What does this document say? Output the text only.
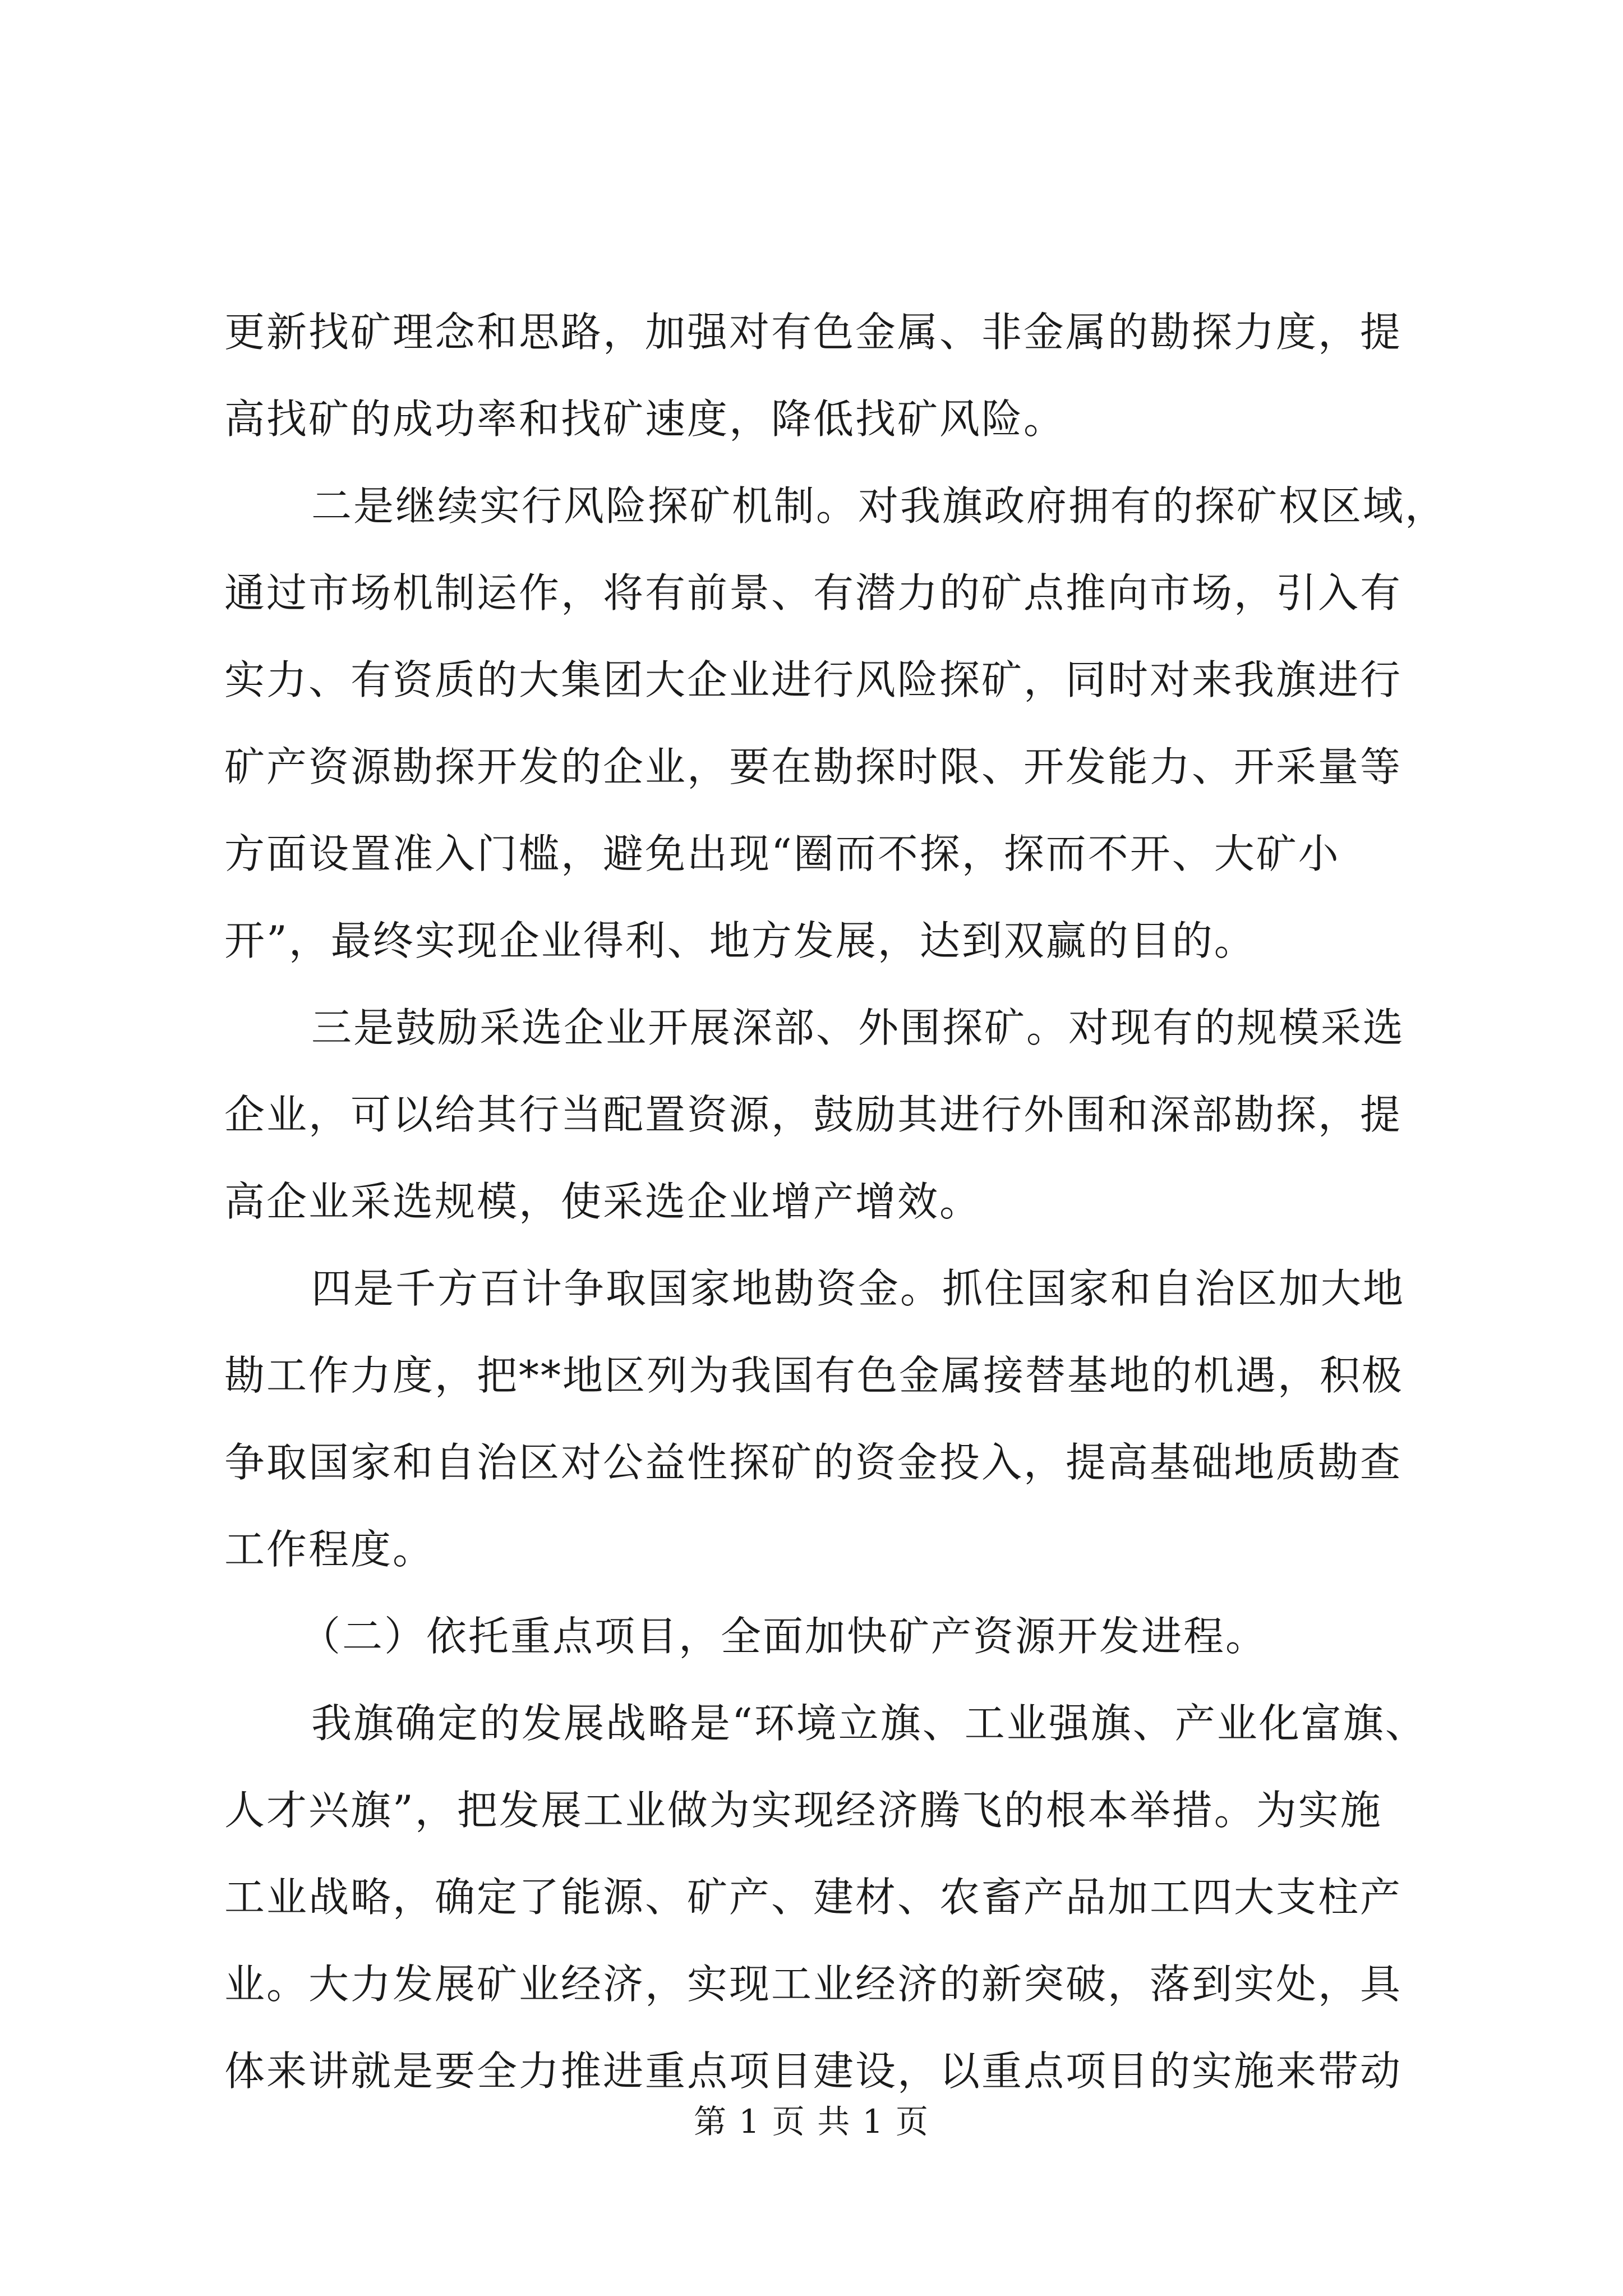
更新找矿理念和思路，加强对有色金属、非金属的勘探力度，提
高找矿的成功率和找矿速度，降低找矿风险。
二是继续实行风险探矿机制。对我旗政府拥有的探矿权区域，
通过市场机制运作，将有前景、有潜力的矿点推向市场，引入有
实力、有资质的大集团大企业进行风险探矿，同时对来我旗进行
矿产资源勘探开发的企业，要在勘探时限、开发能力、开采量等
方面设置准入门槛，避免出现“圈而不探，探而不开、大矿小
开”，最终实现企业得利、地方发展，达到双赢的目的。
三是鼓励采选企业开展深部、外围探矿。对现有的规模采选
企业，可以给其行当配置资源，鼓励其进行外围和深部勘探，提
高企业采选规模，使采选企业增产增效。
四是千方百计争取国家地勘资金。抓住国家和自治区加大地
勘工作力度，把**地区列为我国有色金属接替基地的机遇，积极
争取国家和自治区对公益性探矿的资金投入，提高基础地质勘查
工作程度。
（二）依托重点项目，全面加快矿产资源开发进程。
我旗确定的发展战略是“环境立旗、工业强旗、产业化富旗、
人才兴旗”，把发展工业做为实现经济腾飞的根本举措。为实施
工业战略，确定了能源、矿产、建材、农畜产品加工四大支柱产
业。大力发展矿业经济，实现工业经济的新突破，落到实处，具
体来讲就是要全力推进重点项目建设，以重点项目的实施来带动
第 1 页 共 1 页
